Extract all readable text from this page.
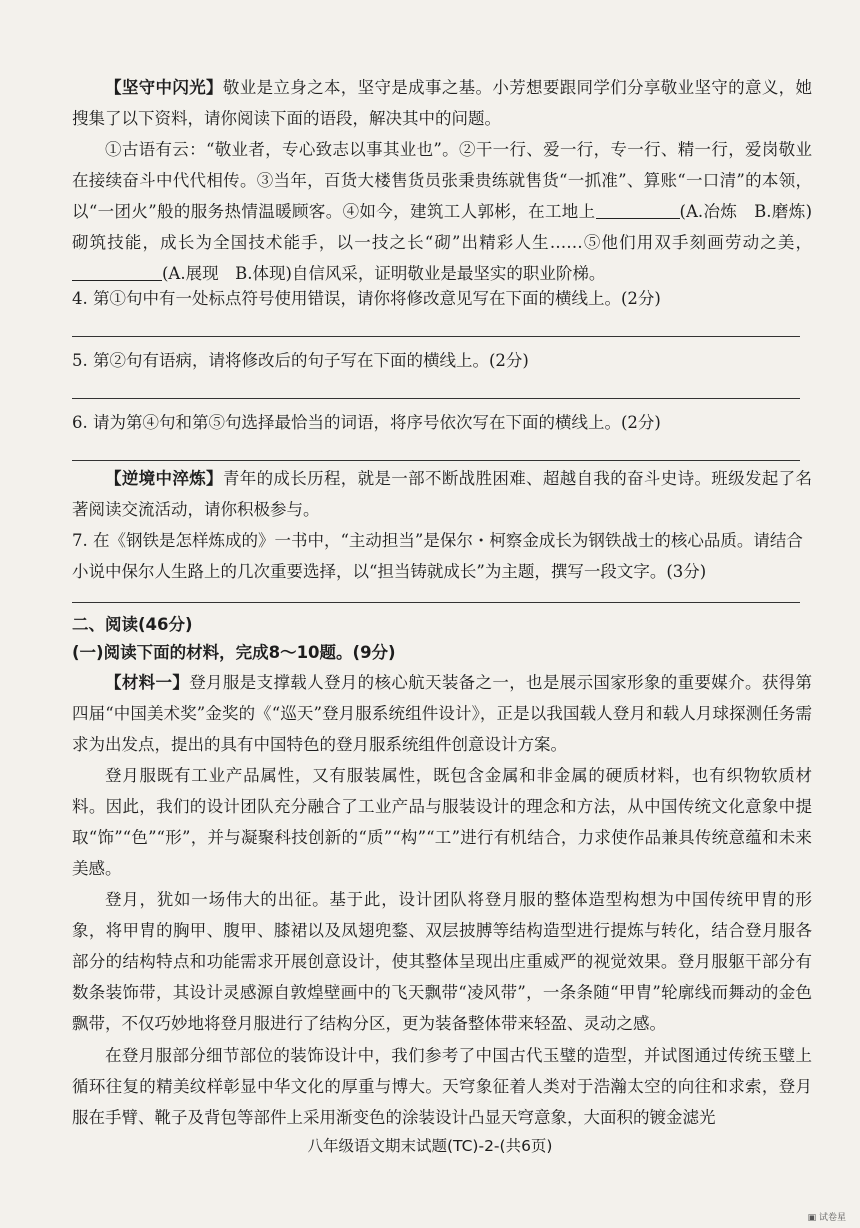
【坚守中闪光】敬业是立身之本，坚守是成事之基。小芳想要跟同学们分享敬业坚守的意义，她搜集了以下资料，请你阅读下面的语段，解决其中的问题。

①古语有云：“敬业者，专心致志以事其业也”。②干一行、爱一行，专一行、精一行，爱岗敬业在接续奋斗中代代相传。③当年，百货大楼售货员张秉贵练就售货“一抓准”、算账“一口清”的本领，以“一团火”般的服务热情温暖顾客。④如今，建筑工人郭彬，在工地上	(A.冶炼　B.磨炼)砌筑技能，成长为全国技术能手，以一技之长“砌”出精彩人生……⑤他们用双手刻画劳动之美，(A.展现　B.体现)自信风采，证明敬业是最坚实的职业阶梯。

4. 第①句中有一处标点符号使用错误，请你将修改意见写在下面的横线上。(2分)

5. 第②句有语病，请将修改后的句子写在下面的横线上。(2分)

6. 请为第④句和第⑤句选择最恰当的词语，将序号依次写在下面的横线上。(2分)

【逆境中淬炼】青年的成长历程，就是一部不断战胜困难、超越自我的奋斗史诗。班级发起了名著阅读交流活动，请你积极参与。

7. 在《钢铁是怎样炼成的》一书中，“主动担当”是保尔・柯察金成长为钢铁战士的核心品质。请结合小说中保尔人生路上的几次重要选择，以“担当铸就成长”为主题，撰写一段文字。(3分)

二、阅读(46分)

(一)阅读下面的材料，完成8～10题。(9分)

【材料一】登月服是支撑载人登月的核心航天装备之一，也是展示国家形象的重要媒介。获得第四届“中国美术奖”金奖的《“巡天”登月服系统组件设计》，正是以我国载人登月和载人月球探测任务需求为出发点，提出的具有中国特色的登月服系统组件创意设计方案。

登月服既有工业产品属性，又有服装属性，既包含金属和非金属的硬质材料，也有织物软质材料。因此，我们的设计团队充分融合了工业产品与服装设计的理念和方法，从中国传统文化意象中提取“饰”“色”“形”，并与凝聚科技创新的“质”“构”“工”进行有机结合，力求使作品兼具传统意蕴和未来美感。

登月，犹如一场伟大的出征。基于此，设计团队将登月服的整体造型构想为中国传统甲胄的形象，将甲胄的胸甲、腹甲、膝裙以及凤翅兜鍪、双层披膊等结构造型进行提炼与转化，结合登月服各部分的结构特点和功能需求开展创意设计，使其整体呈现出庄重威严的视觉效果。登月服躯干部分有数条装饰带，其设计灵感源自敦煌壁画中的飞天飘带“凌风带”，一条条随“甲胄”轮廓线而舞动的金色飘带，不仅巧妙地将登月服进行了结构分区，更为装备整体带来轻盈、灵动之感。

在登月服部分细节部位的装饰设计中，我们参考了中国古代玉璧的造型，并试图通过传统玉璧上循环往复的精美纹样彰显中华文化的厚重与博大。天穹象征着人类对于浩瀚太空的向往和求索，登月服在手臂、靴子及背包等部件上采用渐变色的涂装设计凸显天穹意象，大面积的镀金滤光

八年级语文期末试题(TC)-2-(共6页)
▣ 试卷星
